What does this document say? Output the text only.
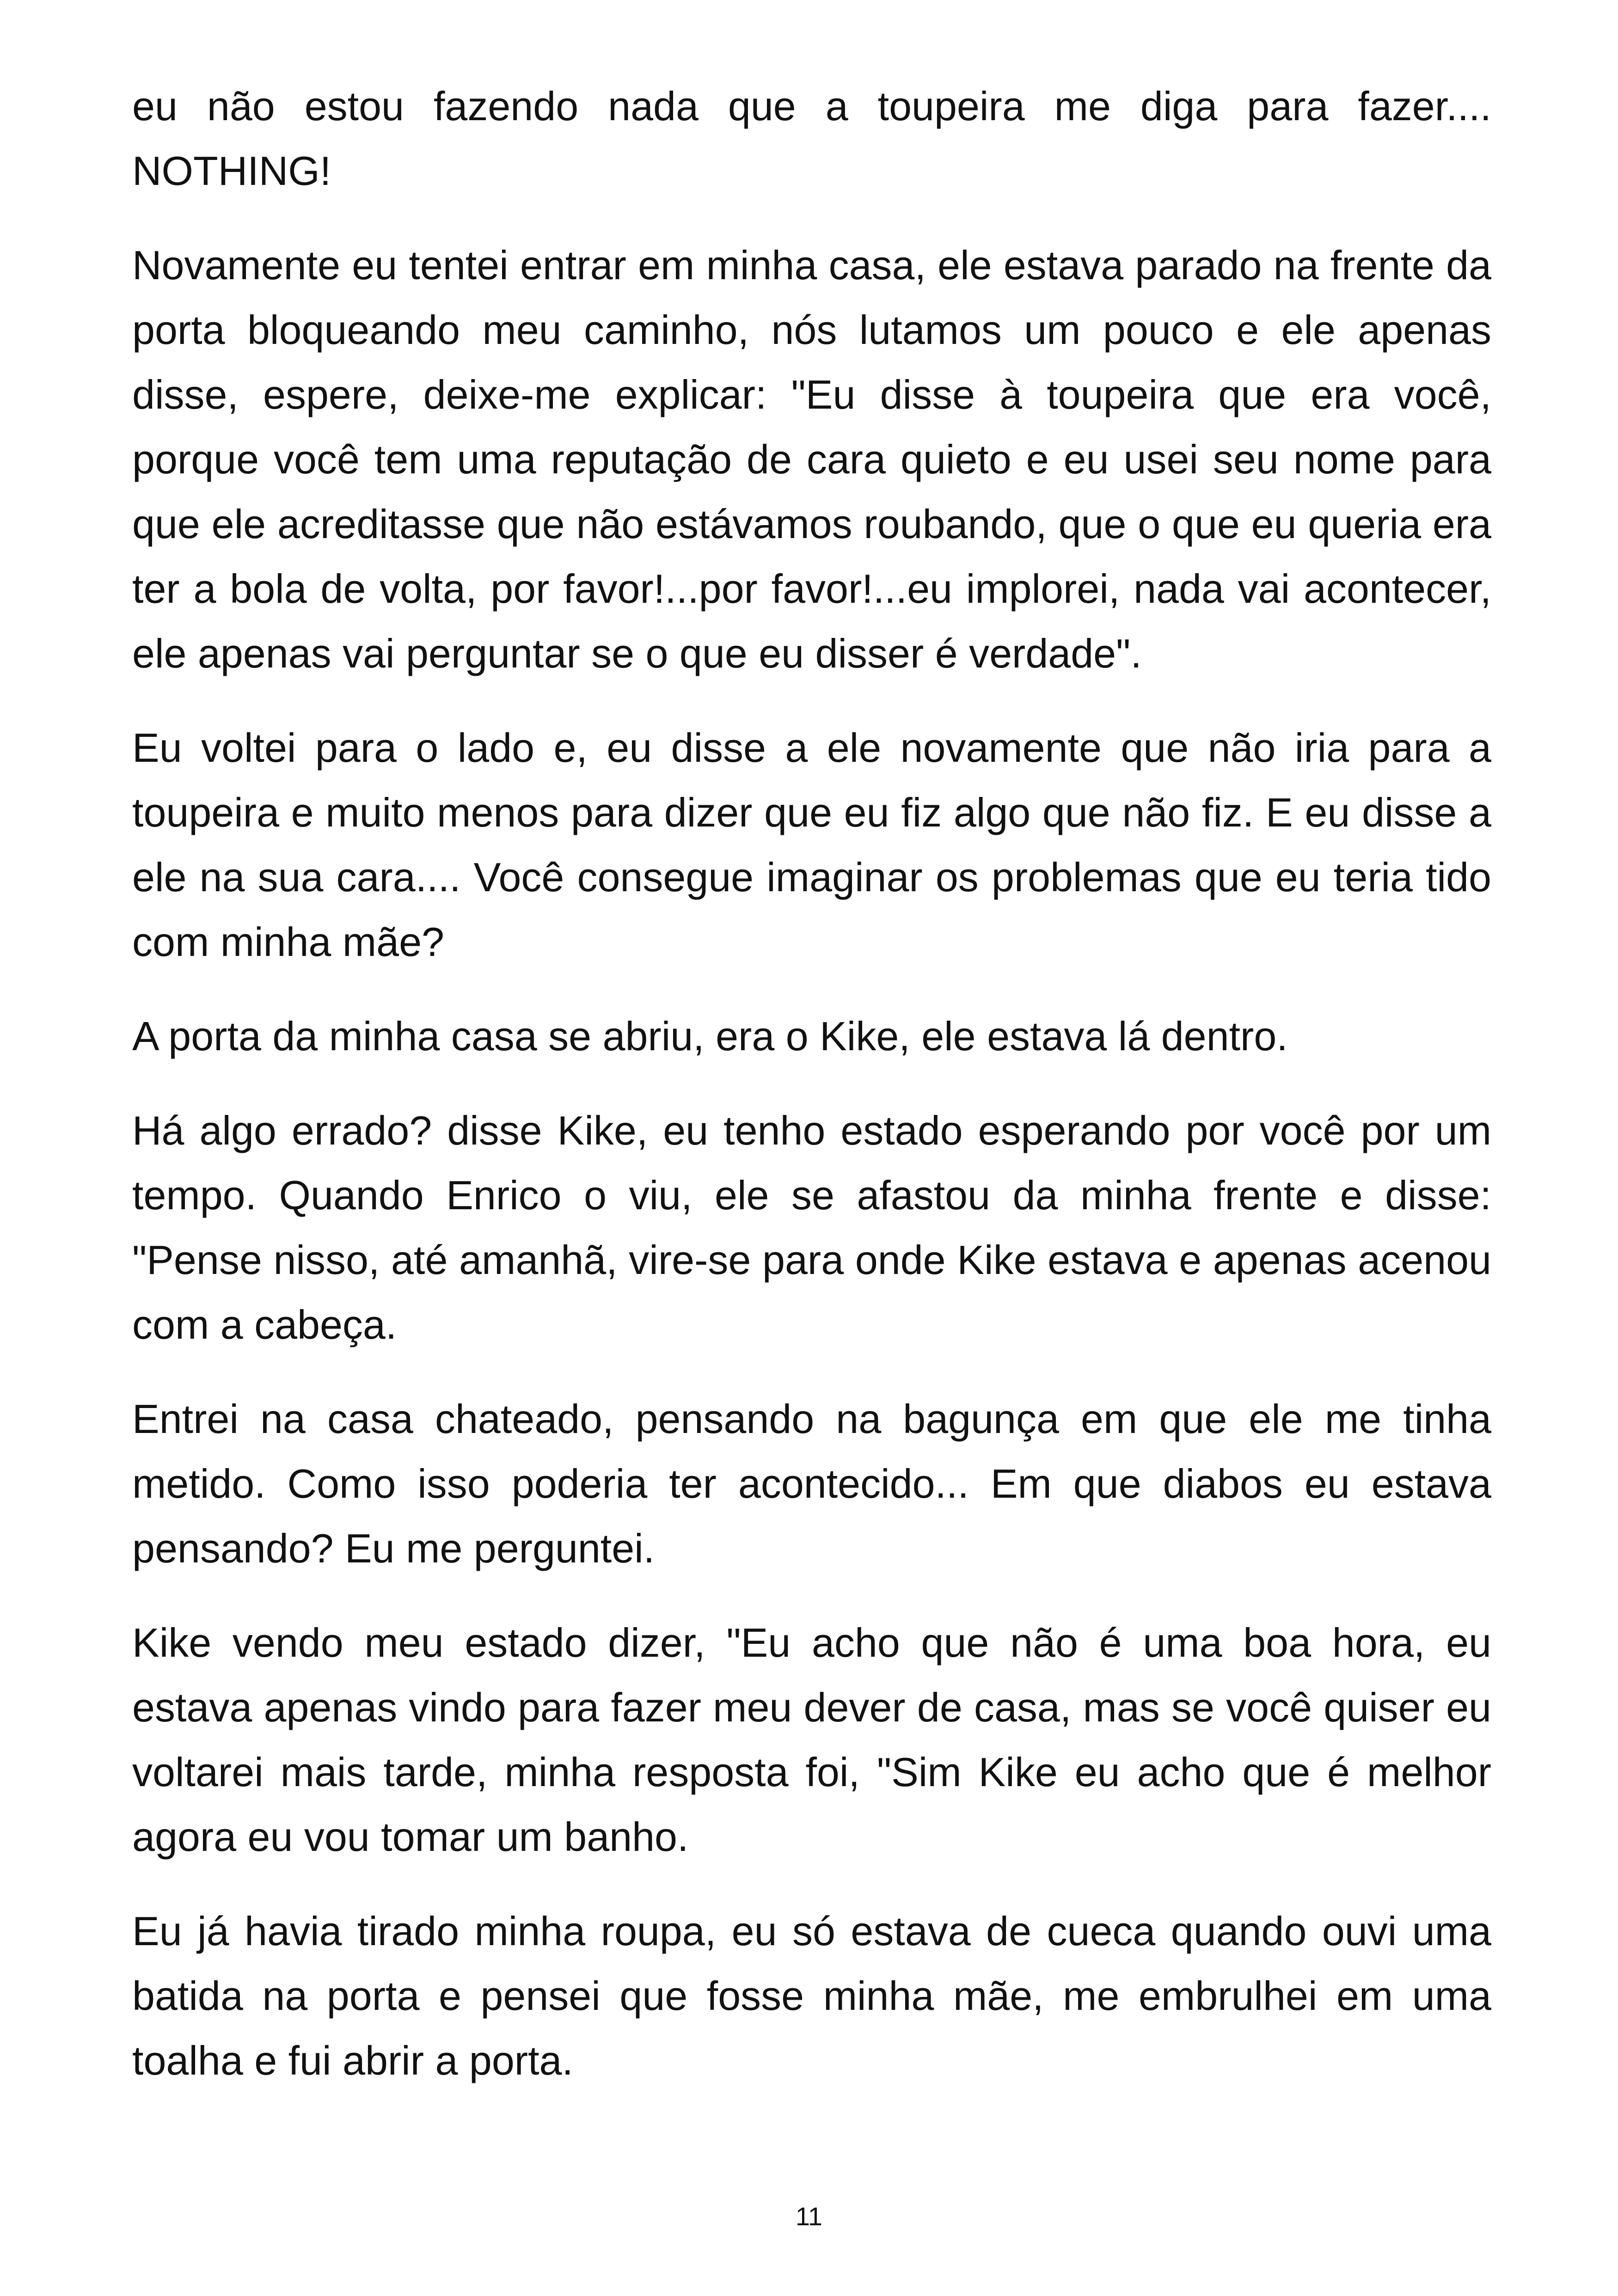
eu não estou fazendo nada que a toupeira me diga para fazer.... NOTHING!

Novamente eu tentei entrar em minha casa, ele estava parado na frente da porta bloqueando meu caminho, nós lutamos um pouco e ele apenas disse, espere, deixe-me explicar: "Eu disse à toupeira que era você, porque você tem uma reputação de cara quieto e eu usei seu nome para que ele acreditasse que não estávamos roubando, que o que eu queria era ter a bola de volta, por favor!...por favor!...eu implorei, nada vai acontecer, ele apenas vai perguntar se o que eu disser é verdade".

Eu voltei para o lado e, eu disse a ele novamente que não iria para a toupeira e muito menos para dizer que eu fiz algo que não fiz. E eu disse a ele na sua cara.... Você consegue imaginar os problemas que eu teria tido com minha mãe?

A porta da minha casa se abriu, era o Kike, ele estava lá dentro.

Há algo errado? disse Kike, eu tenho estado esperando por você por um tempo. Quando Enrico o viu, ele se afastou da minha frente e disse: "Pense nisso, até amanhã, vire-se para onde Kike estava e apenas acenou com a cabeça.

Entrei na casa chateado, pensando na bagunça em que ele me tinha metido. Como isso poderia ter acontecido... Em que diabos eu estava pensando? Eu me perguntei.

Kike vendo meu estado dizer, "Eu acho que não é uma boa hora, eu estava apenas vindo para fazer meu dever de casa, mas se você quiser eu voltarei mais tarde, minha resposta foi, "Sim Kike eu acho que é melhor agora eu vou tomar um banho.

Eu já havia tirado minha roupa, eu só estava de cueca quando ouvi uma batida na porta e pensei que fosse minha mãe, me embrulhei em uma toalha e fui abrir a porta.

11
